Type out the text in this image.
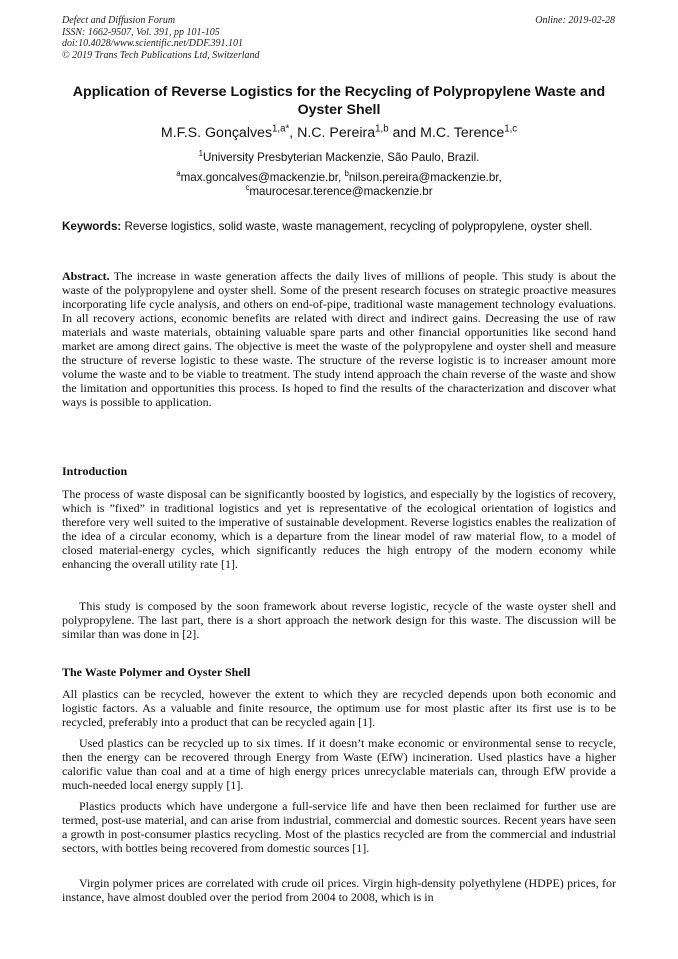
Defect and Diffusion Forum
ISSN: 1662-9507, Vol. 391, pp 101-105
doi:10.4028/www.scientific.net/DDF.391.101
© 2019 Trans Tech Publications Ltd, Switzerland
Online: 2019-02-28
Application of Reverse Logistics for the Recycling of Polypropylene Waste and Oyster Shell
M.F.S. Gonçalves$^{1,a*}$, N.C. Pereira$^{1,b}$ and M.C. Terence$^{1,c}$
$^1$University Presbyterian Mackenzie, São Paulo, Brazil.
$^a$max.goncalves@mackenzie.br, $^b$nilson.pereira@mackenzie.br,
$^c$maurocesar.terence@mackenzie.br
Keywords: Reverse logistics, solid waste, waste management, recycling of polypropylene, oyster shell.

Abstract. The increase in waste generation affects the daily lives of millions of people. This study is about the waste of the polypropylene and oyster shell. Some of the present research focuses on strategic proactive measures incorporating life cycle analysis, and others on end-of-pipe, traditional waste management technology evaluations. In all recovery actions, economic benefits are related with direct and indirect gains. Decreasing the use of raw materials and waste materials, obtaining valuable spare parts and other financial opportunities like second hand market are among direct gains. The objective is meet the waste of the polypropylene and oyster shell and measure the structure of reverse logistic to these waste. The structure of the reverse logistic is to increaser amount more volume the waste and to be viable to treatment. The study intend approach the chain reverse of the waste and show the limitation and opportunities this process. Is hoped to find the results of the characterization and discover what ways is possible to application.

Introduction

The process of waste disposal can be significantly boosted by logistics, and especially by the logistics of recovery, which is ”fixed” in traditional logistics and yet is representative of the ecological orientation of logistics and therefore very well suited to the imperative of sustainable development. Reverse logistics enables the realization of the idea of a circular economy, which is a departure from the linear model of raw material flow, to a model of closed material-energy cycles, which significantly reduces the high entropy of the modern economy while enhancing the overall utility rate [1].

This study is composed by the soon framework about reverse logistic, recycle of the waste oyster shell and polypropylene. The last part, there is a short approach the network design for this waste. The discussion will be similar than was done in [2].

The Waste Polymer and Oyster Shell

All plastics can be recycled, however the extent to which they are recycled depends upon both economic and logistic factors. As a valuable and finite resource, the optimum use for most plastic after its first use is to be recycled, preferably into a product that can be recycled again [1].

Used plastics can be recycled up to six times. If it doesn’t make economic or environmental sense to recycle, then the energy can be recovered through Energy from Waste (EfW) incineration. Used plastics have a higher calorific value than coal and at a time of high energy prices unrecyclable materials can, through EfW provide a much-needed local energy supply [1].

Plastics products which have undergone a full-service life and have then been reclaimed for further use are termed, post-use material, and can arise from industrial, commercial and domestic sources. Recent years have seen a growth in post-consumer plastics recycling. Most of the plastics recycled are from the commercial and industrial sectors, with bottles being recovered from domestic sources [1].

Virgin polymer prices are correlated with crude oil prices. Virgin high-density polyethylene (HDPE) prices, for instance, have almost doubled over the period from 2004 to 2008, which is in
